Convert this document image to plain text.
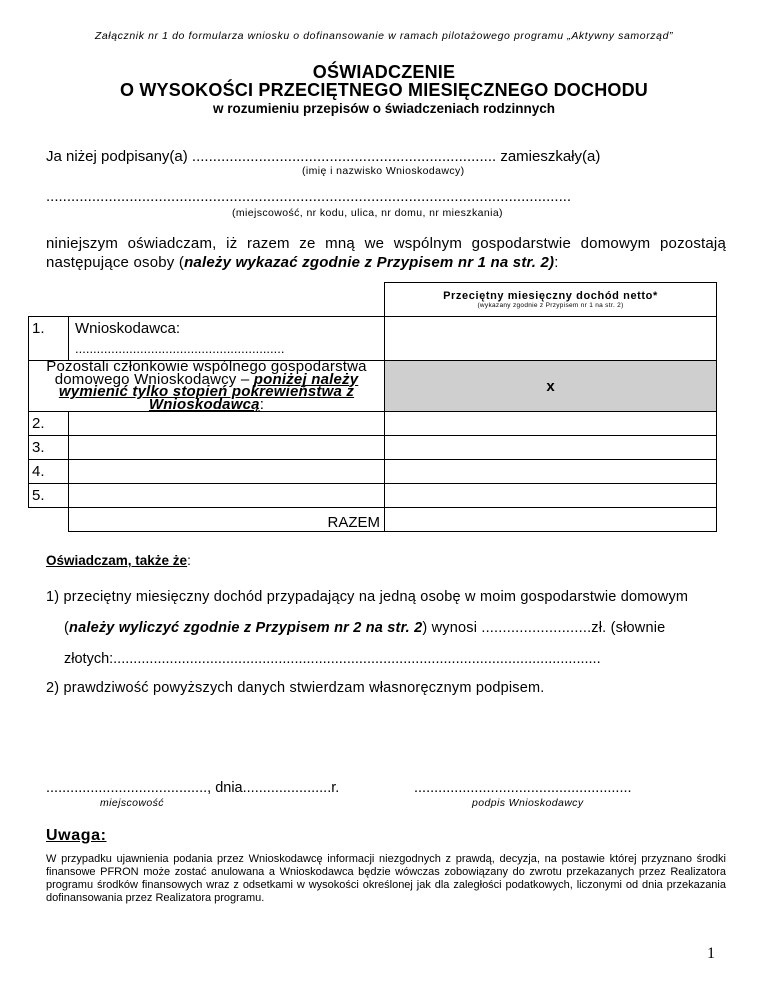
Załącznik nr 1 do formularza wniosku o dofinansowanie w ramach pilotażowego programu „Aktywny samorząd”
OŚWIADCZENIE
O WYSOKOŚCI PRZECIĘTNEGO MIESIĘCZNEGO DOCHODU
w rozumieniu przepisów o świadczeniach rodzinnych
Ja niżej podpisany(a) ......................................................................... zamieszkały(a)
(imię i nazwisko Wnioskodawcy)
..............................................................................................................................
(miejscowość, nr kodu, ulica, nr domu, nr mieszkania)
niniejszym oświadczam, iż razem ze mną we wspólnym gospodarstwie domowym pozostają następujące osoby (należy wykazać zgodnie z Przypisem nr 1 na str. 2):

		Przeciętny miesięczny dochód netto*
(wykazany zgodnie z Przypisem nr 1 na str. 2)

1.	Wnioskodawca:
..........................................................	

Pozostali członkowie wspólnego gospodarstwa domowego Wnioskodawcy – poniżej należy wymienić tylko stopień pokrewieństwa z Wnioskodawcą:		x
2.		
3.		
4.		
5.		
	RAZEM	
Oświadczam, także że:
1) przeciętny miesięczny dochód przypadający na jedną osobę w moim gospodarstwie domowym
(należy wyliczyć zgodnie z Przypisem nr 2 na str. 2) wynosi ..........................zł. (słownie
złotych:.........................................................................................................................
2) prawdziwość powyższych danych stwierdzam własnoręcznym podpisem.
........................................, dnia......................r.
miejscowość
......................................................
podpis Wnioskodawcy
Uwaga:
W przypadku ujawnienia podania przez Wnioskodawcę informacji niezgodnych z prawdą, decyzja, na postawie której przyznano środki finansowe PFRON może zostać anulowana a Wnioskodawca będzie wówczas zobowiązany do zwrotu przekazanych przez Realizatora programu środków finansowych wraz z odsetkami w wysokości określonej jak dla zaległości podatkowych, liczonymi od dnia przekazania dofinansowania przez Realizatora programu.
1
